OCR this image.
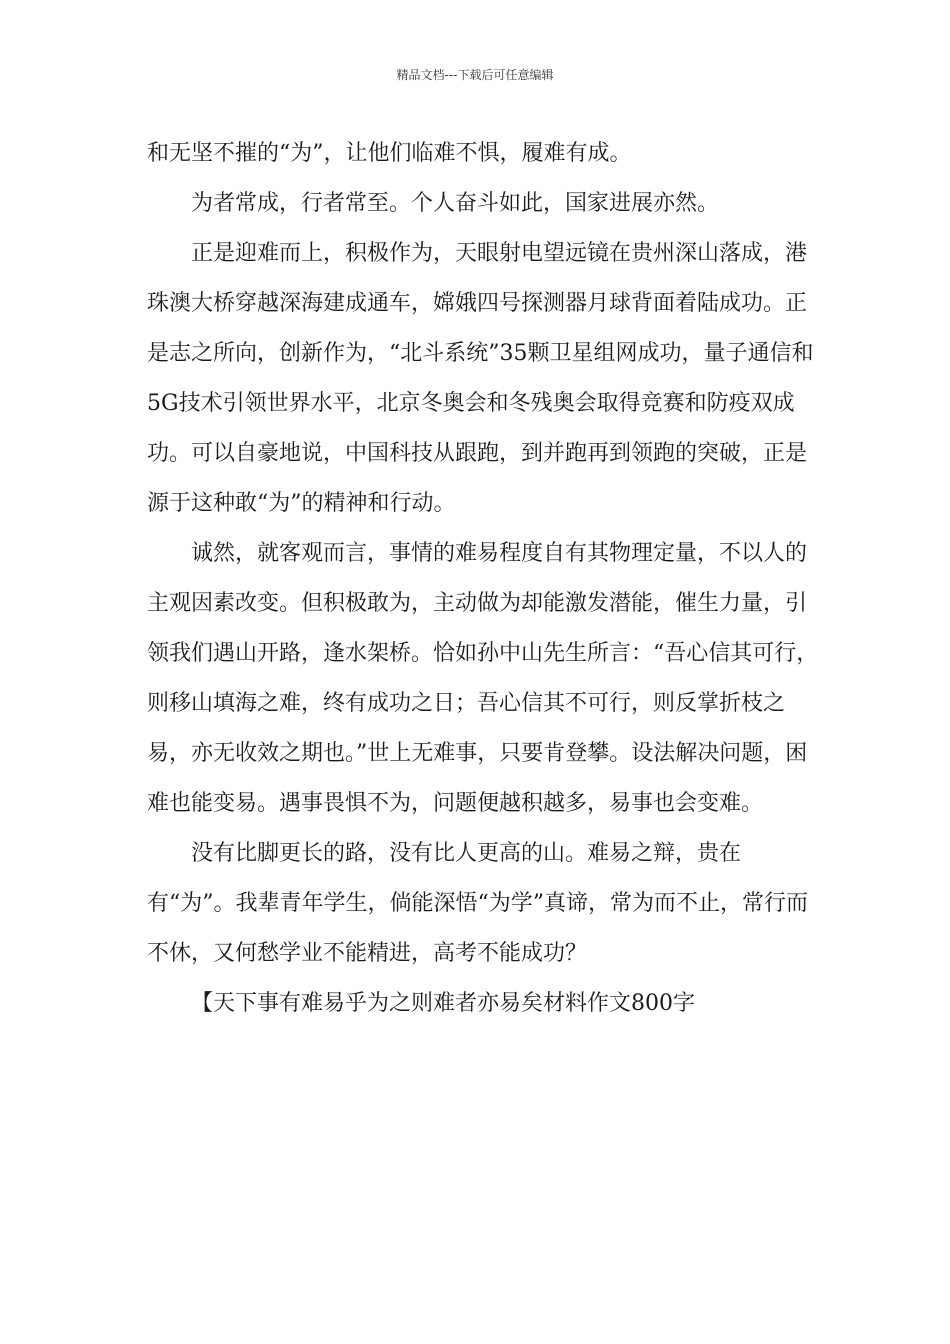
精品文档---下载后可任意编辑

和无坚不摧的“为”，让他们临难不惧，履难有成。

为者常成，行者常至。个人奋斗如此，国家进展亦然。

正是迎难而上，积极作为，天眼射电望远镜在贵州深山落成，港珠澳大桥穿越深海建成通车，嫦娥四号探测器月球背面着陆成功。正是志之所向，创新作为，“北斗系统”35颗卫星组网成功，量子通信和5G技术引领世界水平，北京冬奥会和冬残奥会取得竞赛和防疫双成功。可以自豪地说，中国科技从跟跑，到并跑再到领跑的突破，正是源于这种敢“为”的精神和行动。

诚然，就客观而言，事情的难易程度自有其物理定量，不以人的主观因素改变。但积极敢为，主动做为却能激发潜能，催生力量，引领我们遇山开路，逢水架桥。恰如孙中山先生所言：“吾心信其可行，则移山填海之难，终有成功之日；吾心信其不可行，则反掌折枝之易，亦无收效之期也。”世上无难事，只要肯登攀。设法解决问题，困难也能变易。遇事畏惧不为，问题便越积越多，易事也会变难。

没有比脚更长的路，没有比人更高的山。难易之辩，贵在有“为”。我辈青年学生，倘能深悟“为学”真谛，常为而不止，常行而不休，又何愁学业不能精进，高考不能成功？

【天下事有难易乎为之则难者亦易矣材料作文800字
